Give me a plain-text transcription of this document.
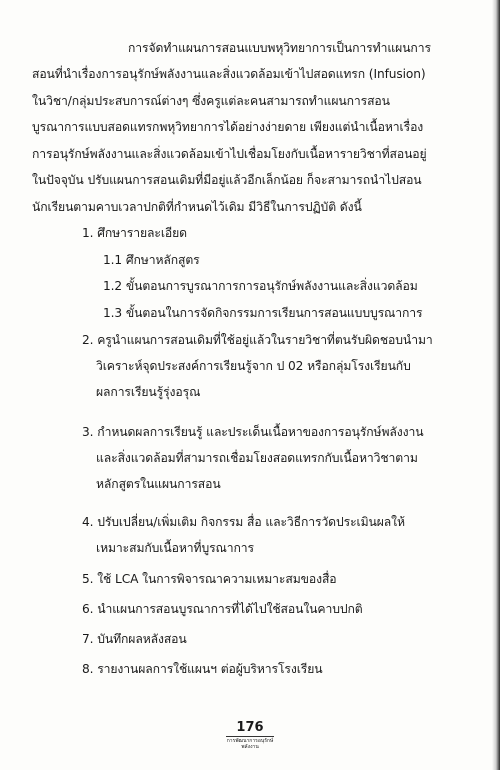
การจัดทำแผนการสอนแบบพหุวิทยาการเป็นการทำแผนการ
สอนที่นำเรื่องการอนุรักษ์พลังงานและสิ่งแวดล้อมเข้าไปสอดแทรก (Infusion)
ในวิชา/กลุ่มประสบการณ์ต่างๆ ซึ่งครูแต่ละคนสามารถทำแผนการสอน
บูรณาการแบบสอดแทรกพหุวิทยาการได้อย่างง่ายดาย เพียงแต่นำเนื้อหาเรื่อง
การอนุรักษ์พลังงานและสิ่งแวดล้อมเข้าไปเชื่อมโยงกับเนื้อหารายวิชาที่สอนอยู่
ในปัจจุบัน ปรับแผนการสอนเดิมที่มีอยู่แล้วอีกเล็กน้อย ก็จะสามารถนำไปสอน
นักเรียนตามคาบเวลาปกติที่กำหนดไว้เดิม มีวิธีในการปฏิบัติ ดังนี้
1. ศึกษารายละเอียด
1.1 ศึกษาหลักสูตร
1.2 ขั้นตอนการบูรณาการการอนุรักษ์พลังงานและสิ่งแวดล้อม
1.3 ขั้นตอนในการจัดกิจกรรมการเรียนการสอนแบบบูรณาการ
2. ครูนำแผนการสอนเดิมที่ใช้อยู่แล้วในรายวิชาที่ตนรับผิดชอบนำมา
วิเคราะห์จุดประสงค์การเรียนรู้จาก ป 02 หรือกลุ่มโรงเรียนกับ
ผลการเรียนรู้รุ่งอรุณ
3. กำหนดผลการเรียนรู้ และประเด็นเนื้อหาของการอนุรักษ์พลังงาน
และสิ่งแวดล้อมที่สามารถเชื่อมโยงสอดแทรกกับเนื้อหาวิชาตาม
หลักสูตรในแผนการสอน
4. ปรับเปลี่ยน/เพิ่มเติม กิจกรรม สื่อ และวิธีการวัดประเมินผลให้
เหมาะสมกับเนื้อหาที่บูรณาการ
5. ใช้ LCA ในการพิจารณาความเหมาะสมของสื่อ
6. นำแผนการสอนบูรณาการที่ได้ไปใช้สอนในคาบปกติ
7. บันทึกผลหลังสอน
8. รายงานผลการใช้แผนฯ ต่อผู้บริหารโรงเรียน
176
การพัฒนาการอนุรักษ์พลังงาน
